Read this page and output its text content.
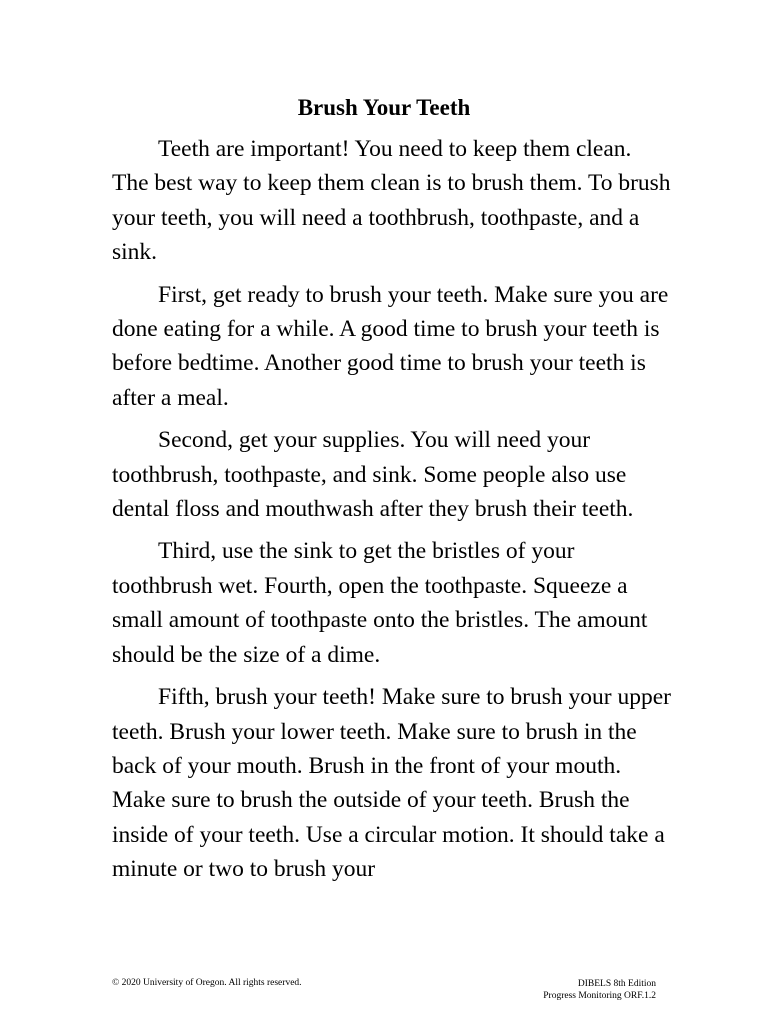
Brush Your Teeth

Teeth are important! You need to keep them clean. The best way to keep them clean is to brush them. To brush your teeth, you will need a toothbrush, toothpaste, and a sink.

First, get ready to brush your teeth. Make sure you are done eating for a while. A good time to brush your teeth is before bedtime. Another good time to brush your teeth is after a meal.

Second, get your supplies. You will need your toothbrush, toothpaste, and sink. Some people also use dental floss and mouthwash after they brush their teeth.

Third, use the sink to get the bristles of your toothbrush wet. Fourth, open the toothpaste. Squeeze a small amount of toothpaste onto the bristles. The amount should be the size of a dime.

Fifth, brush your teeth! Make sure to brush your upper teeth. Brush your lower teeth. Make sure to brush in the back of your mouth. Brush in the front of your mouth. Make sure to brush the outside of your teeth. Brush the inside of your teeth. Use a circular motion. It should take a minute or two to brush your

© 2020 University of Oregon. All rights reserved.	DIBELS 8th Edition
Progress Monitoring ORF.1.2
